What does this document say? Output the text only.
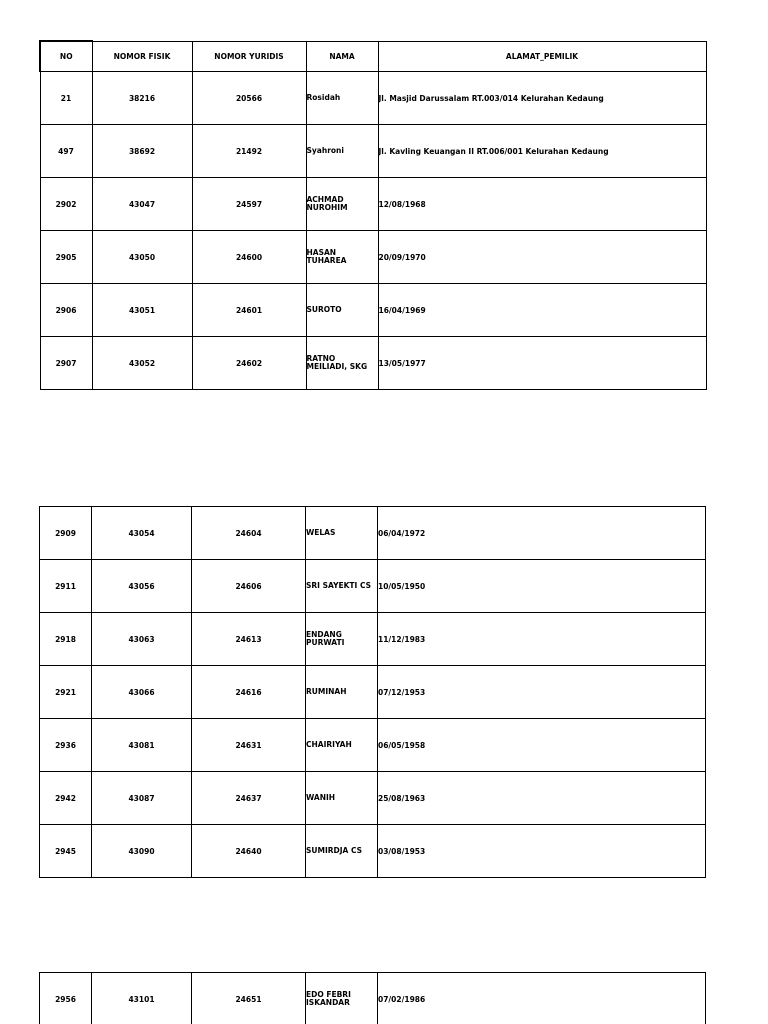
NO	NOMOR FISIK	NOMOR YURIDIS	NAMA	ALAMAT_PEMILIK
21	38216	20566	Rosidah	Jl. Masjid Darussalam RT.003/014 Kelurahan Kedaung
497	38692	21492	Syahroni	Jl. Kavling Keuangan II RT.006/001 Kelurahan Kedaung
2902	43047	24597	ACHMAD NUROHIM	12/08/1968
2905	43050	24600	HASAN TUHAREA	20/09/1970
2906	43051	24601	SUROTO	16/04/1969
2907	43052	24602	RATNO MEILIADI, SKG	13/05/1977
2909	43054	24604	WELAS	06/04/1972
2911	43056	24606	SRI SAYEKTI CS	10/05/1950
2918	43063	24613	ENDANG PURWATI	11/12/1983
2921	43066	24616	RUMINAH	07/12/1953
2936	43081	24631	CHAIRIYAH	06/05/1958
2942	43087	24637	WANIH	25/08/1963
2945	43090	24640	SUMIRDJA CS	03/08/1953
2956	43101	24651	EDO FEBRI ISKANDAR	07/02/1986
